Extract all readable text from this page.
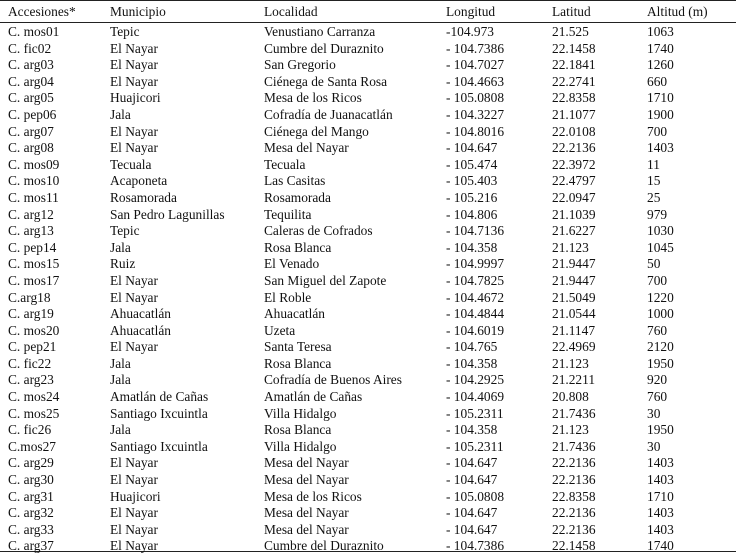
Accesiones*	Municipio	Localidad	Longitud	Latitud	Altitud (m)
C. mos01	Tepic	Venustiano Carranza	-104.973	21.525	1063
C. fic02	El Nayar	Cumbre del Duraznito	- 104.7386	22.1458	1740
C. arg03	El Nayar	San Gregorio	- 104.7027	22.1841	1260
C. arg04	El Nayar	Ciénega de Santa Rosa	- 104.4663	22.2741	660
C. arg05	Huajicori	Mesa de los Ricos	- 105.0808	22.8358	1710
C. pep06	Jala	Cofradía de Juanacatlán	- 104.3227	21.1077	1900
C. arg07	El Nayar	Ciénega del Mango	- 104.8016	22.0108	700
C. arg08	El Nayar	Mesa del Nayar	- 104.647	22.2136	1403
C. mos09	Tecuala	Tecuala	- 105.474	22.3972	11
C. mos10	Acaponeta	Las Casitas	- 105.403	22.4797	15
C. mos11	Rosamorada	Rosamorada	- 105.216	22.0947	25
C. arg12	San Pedro Lagunillas	Tequilita	- 104.806	21.1039	979
C. arg13	Tepic	Caleras de Cofrados	- 104.7136	21.6227	1030
C. pep14	Jala	Rosa Blanca	- 104.358	21.123	1045
C. mos15	Ruiz	El Venado	- 104.9997	21.9447	50
C. mos17	El Nayar	San Miguel del Zapote	- 104.7825	21.9447	700
C.arg18	El Nayar	El Roble	- 104.4672	21.5049	1220
C. arg19	Ahuacatlán	Ahuacatlán	- 104.4844	21.0544	1000
C. mos20	Ahuacatlán	Uzeta	- 104.6019	21.1147	760
C. pep21	El Nayar	Santa Teresa	- 104.765	22.4969	2120
C. fic22	Jala	Rosa Blanca	- 104.358	21.123	1950
C. arg23	Jala	Cofradía de Buenos Aires	- 104.2925	21.2211	920
C. mos24	Amatlán de Cañas	Amatlán de Cañas	- 104.4069	20.808	760
C. mos25	Santiago Ixcuintla	Villa Hidalgo	- 105.2311	21.7436	30
C. fic26	Jala	Rosa Blanca	- 104.358	21.123	1950
C.mos27	Santiago Ixcuintla	Villa Hidalgo	- 105.2311	21.7436	30
C. arg29	El Nayar	Mesa del Nayar	- 104.647	22.2136	1403
C. arg30	El Nayar	Mesa del Nayar	- 104.647	22.2136	1403
C. arg31	Huajicori	Mesa de los Ricos	- 105.0808	22.8358	1710
C. arg32	El Nayar	Mesa del Nayar	- 104.647	22.2136	1403
C. arg33	El Nayar	Mesa del Nayar	- 104.647	22.2136	1403
C. arg37	El Nayar	Cumbre del Duraznito	- 104.7386	22.1458	1740
